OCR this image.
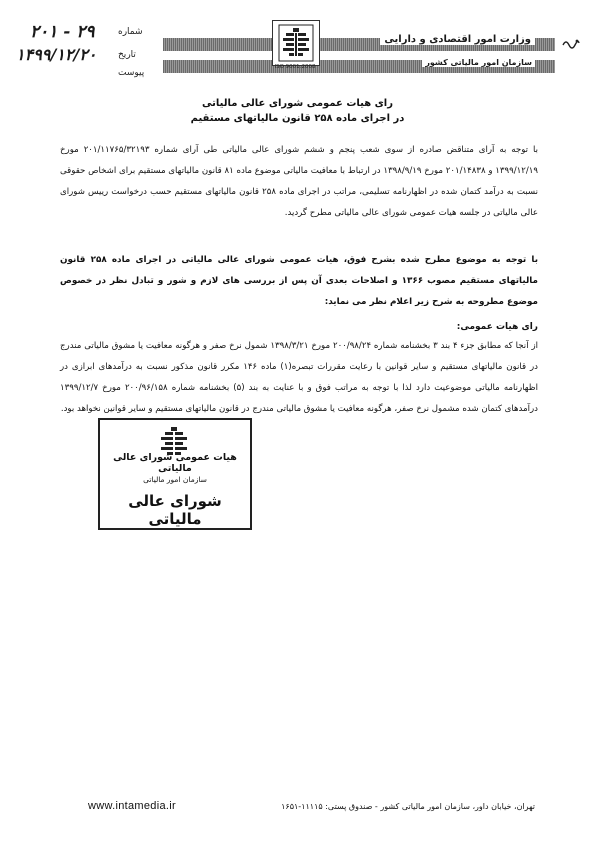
۲۰۱ - ۲۹	شماره
۱۴۹۹/۱۲/۲۰ تاریخ
پیوست
وزارت امور اقتصادی و دارایی
سازمان امور مالیاتی کشور
ISO 9001:2008
رای هیات عمومی شورای عالی مالیاتی
در اجرای ماده ۲۵۸ قانون مالیاتهای مستقیم
با توجه به آرای متناقض صادره از سوی شعب پنجم و ششم شورای عالی مالیاتی طی آرای شماره ۲۰۱/۱۱۷۶۵/۳۲۱۹۳ مورخ ۱۳۹۹/۱۲/۱۹ و ۲۰۱/۱۴۸۳۸ مورخ ۱۳۹۸/۹/۱۹ در ارتباط با معافیت مالیاتی موضوع ماده ۸۱ قانون مالیاتهای مستقیم برای اشخاص حقوقی نسبت به درآمد کتمان شده در اظهارنامه تسلیمی، مراتب در اجرای ماده ۲۵۸ قانون مالیاتهای مستقیم حسب درخواست رییس شورای عالی مالیاتی در جلسه هیات عمومی شورای عالی مالیاتی مطرح گردید.
با توجه به موضوع مطرح شده بشرح فوق، هیات عمومی شورای عالی مالیاتی در اجرای ماده ۲۵۸ قانون مالیاتهای مستقیم مصوب ۱۳۶۶ و اصلاحات بعدی آن پس از بررسی های لازم و شور و تبادل نظر در خصوص موضوع مطروحه به شرح زیر اعلام نظر می نماید:
رای هیات عمومی:
از آنجا که مطابق جزء ۴ بند ۳ بخشنامه شماره ۲۰۰/۹۸/۲۴ مورخ ۱۳۹۸/۳/۲۱ شمول نرخ صفر و هرگونه معافیت یا مشوق مالیاتی مندرج در قانون مالیاتهای مستقیم و سایر قوانین با رعایت مقررات تبصره(۱) ماده ۱۴۶ مکرر قانون مذکور نسبت به درآمدهای ابرازی در اظهارنامه مالیاتی موضوعیت دارد لذا با توجه به مراتب فوق و با عنایت به بند (۵) بخشنامه شماره ۲۰۰/۹۶/۱۵۸ مورخ ۱۳۹۹/۱۲/۷ درآمدهای کتمان شده مشمول نرخ صفر، هرگونه معافیت یا مشوق مالیاتی مندرج در قانون مالیاتهای مستقیم و سایر قوانین نخواهد بود.
هیات عمومی شورای عالی مالیاتی
سازمان امور مالیاتی
شورای عالی مالیاتی
www.intamedia.ir	تهران، خیابان داور، سازمان امور مالیاتی کشور - صندوق پستی: ۱۱۱۱۵-۱۶۵۱
